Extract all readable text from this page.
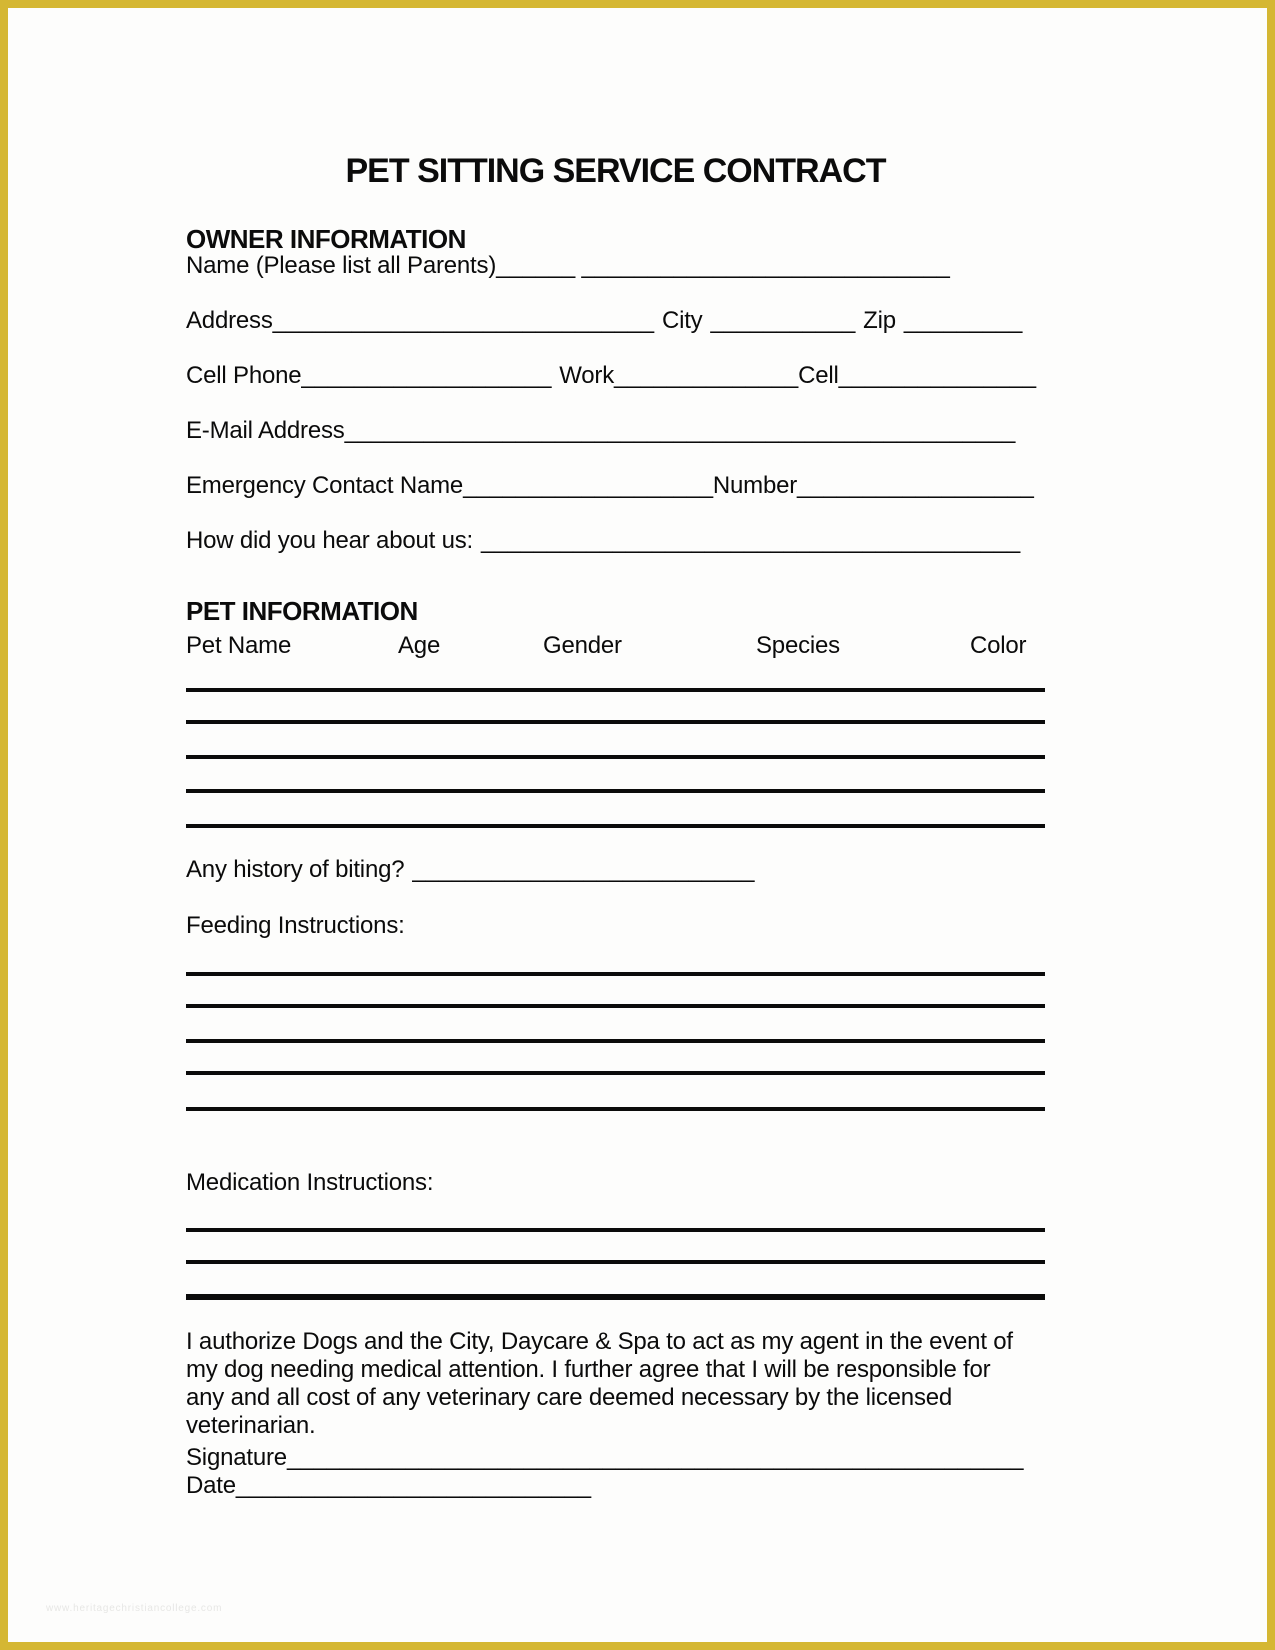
PET SITTING SERVICE CONTRACT
OWNER INFORMATION
Name (Please list all Parents)______ ____________________________
Address_____________________________ City ___________ Zip _________
Cell Phone___________________ Work______________Cell_______________
E-Mail Address___________________________________________________
Emergency Contact Name___________________Number__________________
How did you hear about us: _________________________________________
PET INFORMATION
Pet Name	Age	Gender	Species	Color
Any history of biting? __________________________
Feeding Instructions:
Medication Instructions:
I authorize Dogs and the City, Daycare & Spa to act as my agent in the event of
my dog needing medical attention. I further agree that I will be responsible for
any and all cost of any veterinary care deemed necessary by the licensed
veterinarian.
Signature________________________________________________________
Date___________________________
www.heritagechristiancollege.com
